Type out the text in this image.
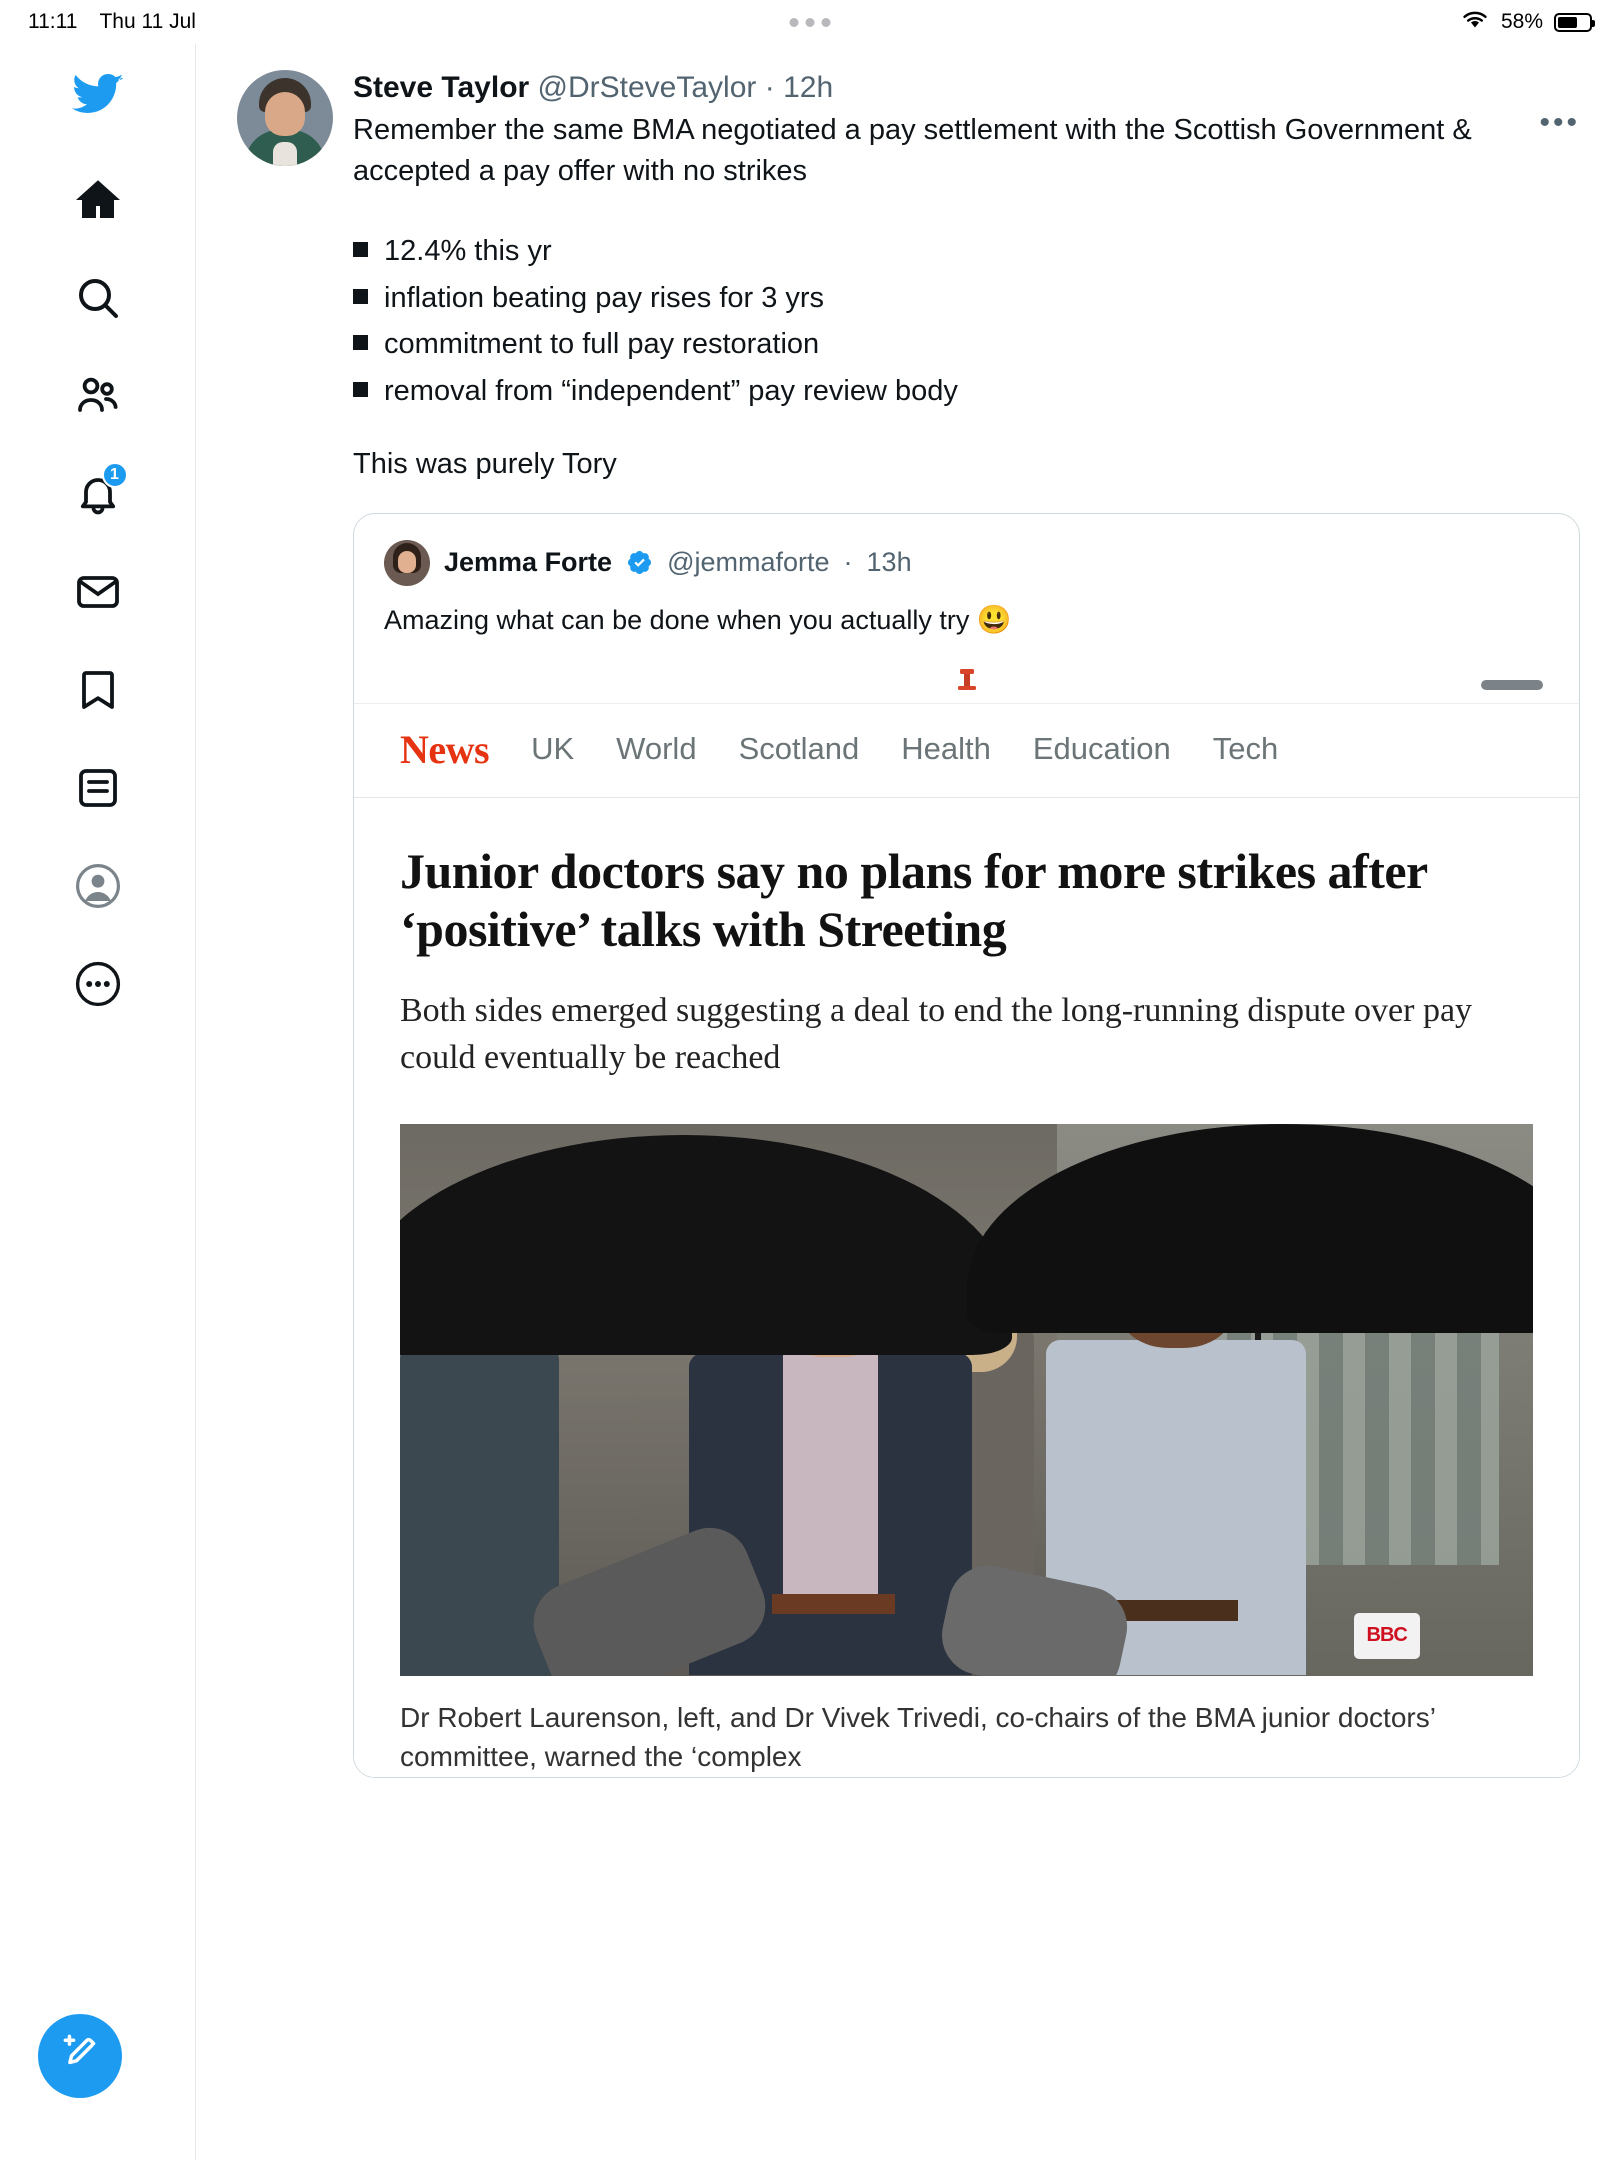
11:11 Thu 11 Jul	58%
1
•••
Steve Taylor @DrSteveTaylor · 12h
Remember the same BMA negotiated a pay settlement with the Scottish Government & accepted a pay offer with no strikes
12.4% this yr
inflation beating pay rises for 3 yrs
commitment to full pay restoration
removal from “independent” pay review body
This was purely Tory
Jemma Forte @jemmaforte · 13h
Amazing what can be done when you actually try 😃
News UK World Scotland Health Education Tech
Junior doctors say no plans for more strikes after ‘positive’ talks with Streeting
Both sides emerged suggesting a deal to end the long-running dispute over pay could eventually be reached
BBC
Dr Robert Laurenson, left, and Dr Vivek Trivedi, co-chairs of the BMA junior doctors’ committee, warned the ‘complex
